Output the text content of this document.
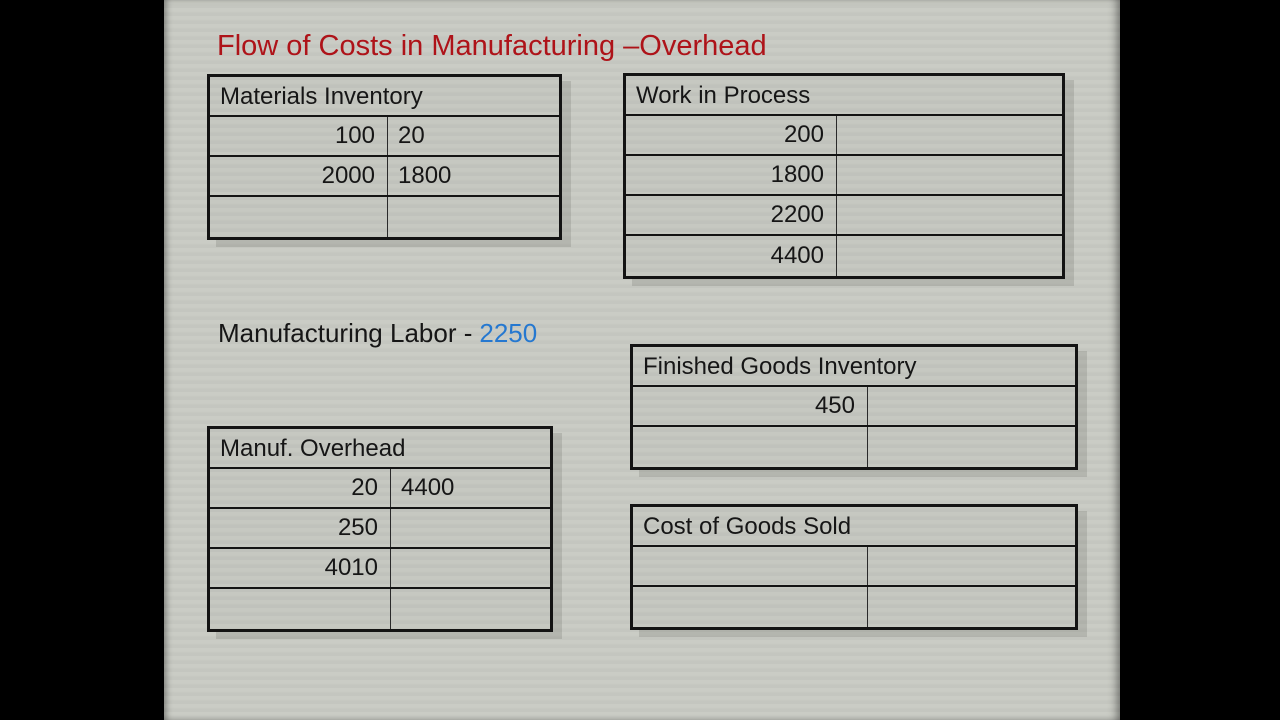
Flow of Costs in Manufacturing –Overhead
Materials Inventory
100 20
2000 1800
Work in Process
200
1800
2200
4400
Manufacturing Labor - 2250
Manuf. Overhead
20 4400
250
4010
Finished Goods Inventory
450
Cost of Goods Sold
